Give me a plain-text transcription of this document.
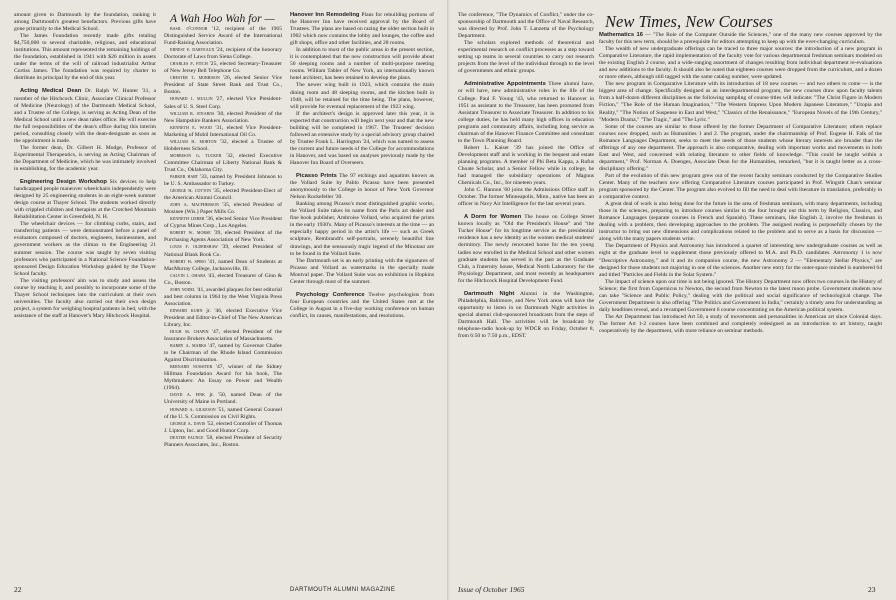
amount given to Dartmouth by the foundation, ranking it among Dartmouth's greatest benefactors. Previous gifts have gone primarily to the Medical School.

The James Foundation recently made gifts totaling $4,750,000 to several charitable, religious, and educational institutions. This amount represented the remaining holdings of the foundation, established in 1941 with $26 million in assets under the terms of the will of railroad industrialist Arthur Curtiss James. The foundation was required by charter to distribute its principal by the end of this year.

Acting Medical Dean Dr. Ralph W. Hunter '31, a member of the Hitchcock Clinic, Associate Clinical Professor of Medicine (Neurology) of the Dartmouth Medical School, and a Trustee of the College, is serving as Acting Dean of the Medical School until a new dean takes office. He will exercise the full responsibilities of the dean's office during this interim period, consulting closely with the dean-designate as soon as the appointment is made.

The former dean, Dr. Gilbert H. Mudge, Professor of Experimental Therapeutics, is serving as Acting Chairman of the Department of Medicine, which he was intimately involved in establishing, for the academic year.

Engineering Design Workshop Six devices to help handicapped people maneuver wheelchairs independently were designed by 25 engineering students in an eight-week summer design course at Thayer School. The students worked directly with crippled children and therapists at the Crotched Mountain Rehabilitation Center in Greenfield, N. H.

The wheelchair devices — for climbing curbs, stairs, and transferring patients — were demonstrated before a panel of evaluators composed of doctors, engineers, businessmen, and government workers as the climax to the Engineering 21 summer session. The course was taught by seven visiting professors who participated in a National Science Foundation-sponsored Design Education Workshop guided by the Thayer School faculty.

The visiting professors' aim was to study and assess the course by teaching it, and possibly to incorporate some of the Thayer School techniques into the curriculum at their own universities. The faculty also carried out their own design project, a system for weighing hospital patients in bed, with the assistance of the staff at Hanover's Mary Hitchcock Hospital.

A Wah Hoo Wah for —

basil o'connor '12, recipient of the 1965 Distinguished Service Award of the International Fund-Raising Association.

ernest f. darveaux '24, recipient of the honorary Doctorate of Laws from Siena College.

charles p. fitch '25, elected Secretary-Treasurer of New Jersey Bell Telephone Co.

chester t. morrison '26, elected Senior Vice President of State Street Bank and Trust Co., Boston.

howard j. mullin '27, elected Vice President-Sales of U. S. Steel Corp.

william r. stearns '30, elected President of the New Hampshire Bankers Association.

kenneth e. wood '31, elected Vice President-Marketing of Mobil International Oil Co.

william h. morton '32, elected a Trustee of Hobderness School.

morrison g. tucker '32, elected Executive Committee Chairman of Liberty National Bank & Trust Co., Oklahoma City.

parker hart '33, named by President Johnson to be U. S. Ambassador to Turkey.

george h. cotton '35, elected President-Elect of the American Alumni Council.

john a. macpherson '35, elected President of Mosinee (Wis.) Paper Mills Co.

kenneth lieber '36, elected Senior Vice President of Cyprus Mines Corp., Los Angeles.

robert w. morse '39, elected President of the Purchasing Agents Association of New York.

louis f. oldershaw '39, elected President of National Blank Book Co.

robert h. spiro '41, named Dean of Students at MacMurray College, Jacksonville, Ill.

calvin j. ohara '43, elected Treasurer of Ginn & Co., Boston.

john nodel '41, awarded plaques for best editorial and best column in 1964 by the West Virginia Press Association.

edward kuhn jr. '46, elected Executive Vice President and Editor-in-Chief of The New American Library, Inc.

hugh m. chapin '47, elected President of the Insurance Brokers Association of Massachusetts.

barry a. marks '47, named by Governor Chafee to be Chairman of the Rhode Island Commission Against Discrimination.

bernard nossiter '47, winner of the Sidney Hillman Foundation Award for his book, The Mythmakers: An Essay on Power and Wealth (1964).

david a. fink jr. '50, named Dean of the University of Maine in Portland.

howard a. gilkeson '51, named General Counsel of the U. S. Commission on Civil Rights.

george a. davis '52, elected Controller of Thomas J. Lipton, Inc. and Good Humor Corp.

dexter faunce '58, elected President of Security Planners Associates, Inc., Boston.

Hanover Inn Remodeling Plans for rebuilding portions of the Hanover Inn have received approval by the Board of Trustees. The plans are based on razing the older section built in 1902 which now contains the lobby and lounges, the coffee and gift shops, office and other facilities, and 28 rooms.

In addition to most of the public areas in the present section, it is contemplated that the new construction will provide about 50 sleeping rooms and a number of multi-purpose meeting rooms. William Tabler of New York, an internationally known hotel architect, has been retained to develop the plans.

The newer wing built in 1923, which contains the main dining room and 48 sleeping rooms, and the kitchen built in 1948, will be retained for the time being. The plans, however, will provide for eventual replacement of the 1923 wing.

If the architect's design is approved later this year, it is expected that construction will begin next year and that the new building will be completed in 1967. The Trustees' decision followed an extensive study by a special advisory group chaired by Trustee Frank L. Harrington '24, which was named to assess the current and future needs of the College for accommodations in Hanover, and was based on analyses previously made by the Hanover Inn Board of Overseers.

Picasso Prints The 97 etchings and aquatints known as the Vollard Suite by Pablo Picasso have been presented anonymously to the College in honor of New York Governor Nelson Rockefeller '30.

Ranking among Picasso's most distinguished graphic works, the Vollard Suite takes its name from the Paris art dealer and fine book publisher, Ambroise Vollard, who acquired the prints in the early 1930's. Many of Picasso's interests at the time — an especially happy period in the artist's life — such as Greek sculpture, Rembrandt's self-portraits, serenely beautiful line drawings, and the sensuously tragic legend of the Minotaur are to be found in the Vollard Suite.

The Dartmouth set is an early printing with the signatures of Picasso and Vollard as watermarks in the specially made Montval paper. The Vollard Suite was on exhibition in Hopkins Center through most of the summer.

Psychology Conference Twelve psychologists from four European countries and the United States met at the College in August in a five-day working conference on human conflict, its causes, manifestations, and resolutions.

The conference, "The Dynamics of Conflict," under the co-sponsorship of Dartmouth and the Office of Naval Research, was directed by Prof. John T. Lanzetta of the Psychology Department.

The scholars explored methods of theoretical and experimental research on conflict processes as a step toward setting up teams in several countries to carry out research projects from the level of the individual through to the level of governments and ethnic groups.

Administrative Appointments Three alumni have, or will have, new administrative roles in the life of the College. Paul F. Young '43, who returned to Hanover in 1951 as assistant to the Treasurer, has been promoted from Assistant Treasurer to Associate Treasurer. In addition to his college duties, he has held many high offices in education programs and community affairs, including long service as chairman of the Hanover Finance Committee and consultant to the Town Planning Board.

Robert L. Kaiser '39 has joined the Office of Development staff and is working in the bequest and estate planning programs. A member of Phi Beta Kappa, a Rufus Choate Scholar, and a Senior Fellow while in college, he had managed the subsidiary operations of Magnus Chemicals Co., Inc., for nineteen years.

John C. Hannon '60 joins the Admissions Office staff in October. The former Minneapolis, Minn., native has been an officer in Navy Air Intelligence for the last several years.

A Dorm for Women The house on College Street known locally as "Old the President's House" and "the Tucker House" for its longtime service as the presidential residence has a new identity as the women medical students' dormitory. The newly renovated home for the ten young ladies now enrolled in the Medical School and other women graduate students has served in the past as the Graduate Club, a fraternity house, Medical North Laboratory for the Physiology Department, and most recently as headquarters for the Hitchcock Hospital Development Fund.

Dartmouth Night Alumni in the Washington, Philadelphia, Baltimore, and New York areas will have the opportunity to listen in on Dartmouth Night activities in special alumni club-sponsored broadcasts from the steps of Dartmouth Hall. The activities will be broadcast by telephone-radio hook-up by WDCR on Friday, October 8, from 6:50 to 7:50 p.m., EDST.

New Times, New Courses

Mathematics 16 — "The Role of the Computer Outside the Sciences," one of the many new courses approved by the faculty for this new term, should be a prerequisite for editors attempting to keep up with the ever-changing curriculum.

The wealth of new undergraduate offerings can be traced to three major sources: the introduction of a new program in Comparative Literature, the rapid implementation of the faculty vote for various departmental freshman seminars modeled on the existing English 2 course, and a wide-ranging assortment of changes resulting from individual department re-evaluations and new additions to the faculty. It should also be noted that eighteen courses were dropped from the curriculum, and a dozen or more others, although still tagged with the same catalog number, were updated.

The new program in Comparative Literature with its introduction of 18 new courses — and two others to come — is the biggest area of change. Specifically designed as an interdepartmental program, the new courses draw upon faculty talents from a half-dozen different disciplines as the following sampling of course titles will indicate: "The Christ Figure in Modern Fiction," "The Role of the Human Imagination," "The Western Impress Upon Modern Japanese Literature," "Utopia and Reality," "The Notion of Suspense in East and West," "Classics of the Renaissance," "European Novels of the 19th Century," "Modern Drama," "The Tragic," and "The Lyric."

Some of the courses are similar to those offered by the former Department of Comparative Literature; others replace courses now dropped, such as Humanities 1 and 2. The program, under the chairmanship of Prof. Eugene H. Falk of the Romance Languages Department, seeks to meet the needs of those students whose literary interests are broader than the offerings of any one department. The approach is also comparative, dealing with important works and movements in both East and West, and concerned with relating literature to other fields of knowledge. "This could be taught within a department," Prof. Norman A. Doenges, Associate Dean for the Humanities, remarked, "but it is taught better as a cross-disciplinary offering."

Part of the evolution of this new program grew out of the recent faculty seminars conducted by the Comparative Studies Center. Many of the teachers now offering Comparative Literature courses participated in Prof. Wingstit Chan's seminar program sponsored by the Center. The program also evolved to fill the need to deal with literature in translation, preferably in a comparative context.

A great deal of work is also being done for the future in the area of freshman seminars, with many departments, including those in the sciences, preparing to introduce courses similar to the four brought out this term by Religion, Classics, and Romance Languages (separate courses in French and Spanish). These seminars, like English 2, involve the freshman in dealing with a problem, then developing approaches to the problem. The assigned reading is purposefully chosen by the instructor to bring out new dimensions and complications related to the problem and to serve as a basis for discussion — along with the many papers students write.

The Department of Physics and Astronomy has introduced a quartet of interesting new undergraduate courses as well as eight at the graduate level to supplement those previously offered to M.A. and Ph.D. candidates. Astronomy 1 is now "Descriptive Astronomy," and it and its companion course, the new Astronomy 2 — "Elementary Stellar Physics," are designed for those students not majoring in one of the sciences. Another new entry for the outer-space minded is numbered 64 and titled "Particles and Fields in the Solar System."

The impact of science upon our time is not being ignored. The History Department now offers two courses in the History of Science; the first from Copernicus to Newton, the second from Newton to the latest moon probe. Government students now can take "Science and Public Policy," dealing with the political and social significance of technological change. The Government Department is also offering "The Politics and Government in India," certainly a timely area for understanding as daily headlines reveal, and a revamped Government 6 course concentrating on the American political system.

The Art Department has introduced Art 50, a study of movements and personalities in American art since Colonial days. The former Art 1-2 courses have been combined and completely redesigned as an introduction to art history, taught cooperatively by the department, with more reliance on seminar methods.

22	DARTMOUTH ALUMNI MAGAZINE	Issue of October 1965	23
